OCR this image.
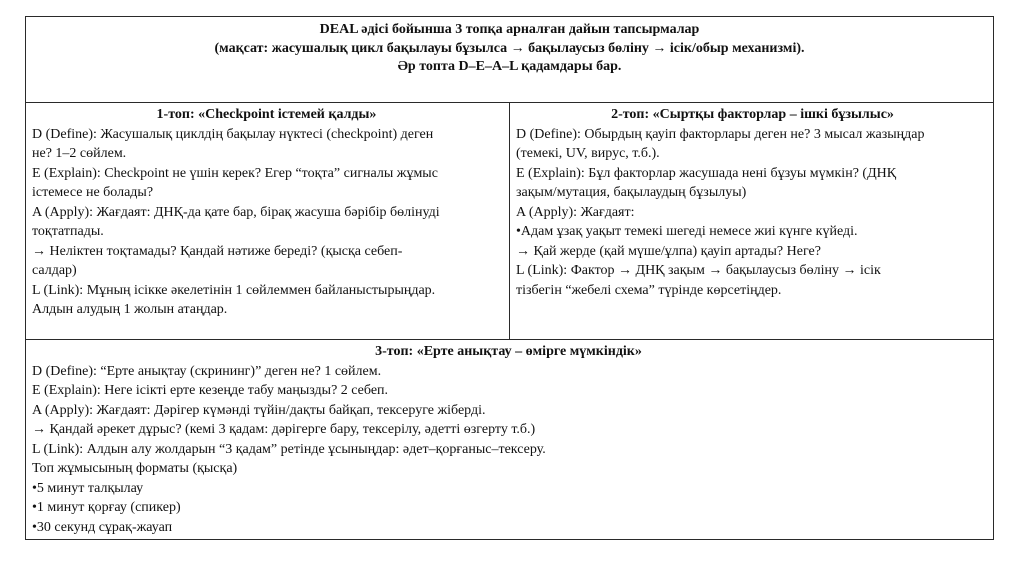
DEAL әдісі бойынша 3 топқа арналған дайын тапсырмалар
(мақсат: жасушалық цикл бақылауы бұзылса → бақылаусыз бөліну → ісік/обыр механизмі).
Әр топта D–E–A–L қадамдары бар.
1-топ: «Checkpoint істемей қалды»
D (Define): Жасушалық циклдің бақылау нүктесі (checkpoint) деген
не? 1–2 сөйлем.
E (Explain): Checkpoint не үшін керек? Егер “тоқта” сигналы жұмыс
істемесе не болады?
A (Apply): Жағдаят: ДНҚ-да қате бар, бірақ жасуша бәрібір бөлінуді
тоқтатпады.
→ Неліктен тоқтамады? Қандай нәтиже береді? (қысқа себеп-
салдар)
L (Link): Мұның ісікке әкелетінін 1 сөйлеммен байланыстырыңдар.
Алдын алудың 1 жолын атаңдар.
2-топ: «Сыртқы факторлар – ішкі бұзылыс»
D (Define): Обырдың қауіп факторлары деген не? 3 мысал жазыңдар
(темекі, UV, вирус, т.б.).
E (Explain): Бұл факторлар жасушада нені бұзуы мүмкін? (ДНҚ
зақым/мутация, бақылаудың бұзылуы)
A (Apply): Жағдаят:
•Адам ұзақ уақыт темекі шегеді немесе жиі күнге күйеді.
→ Қай жерде (қай мүше/ұлпа) қауіп артады? Неге?
L (Link): Фактор → ДНҚ зақым → бақылаусыз бөліну → ісік
тізбегін “жебелі схема” түрінде көрсетіңдер.
3-топ: «Ерте анықтау – өмірге мүмкіндік»
D (Define): “Ерте анықтау (скрининг)” деген не? 1 сөйлем.
E (Explain): Неге ісікті ерте кезеңде табу маңызды? 2 себеп.
A (Apply): Жағдаят: Дәрігер күмәнді түйін/дақты байқап, тексеруге жіберді.
→ Қандай әрекет дұрыс? (кемі 3 қадам: дәрігерге бару, тексерілу, әдетті өзгерту т.б.)
L (Link): Алдын алу жолдарын “3 қадам” ретінде ұсыныңдар: әдет–қорғаныс–тексеру.
Топ жұмысының форматы (қысқа)
•5 минут талқылау
•1 минут қорғау (спикер)
•30 секунд сұрақ-жауап
